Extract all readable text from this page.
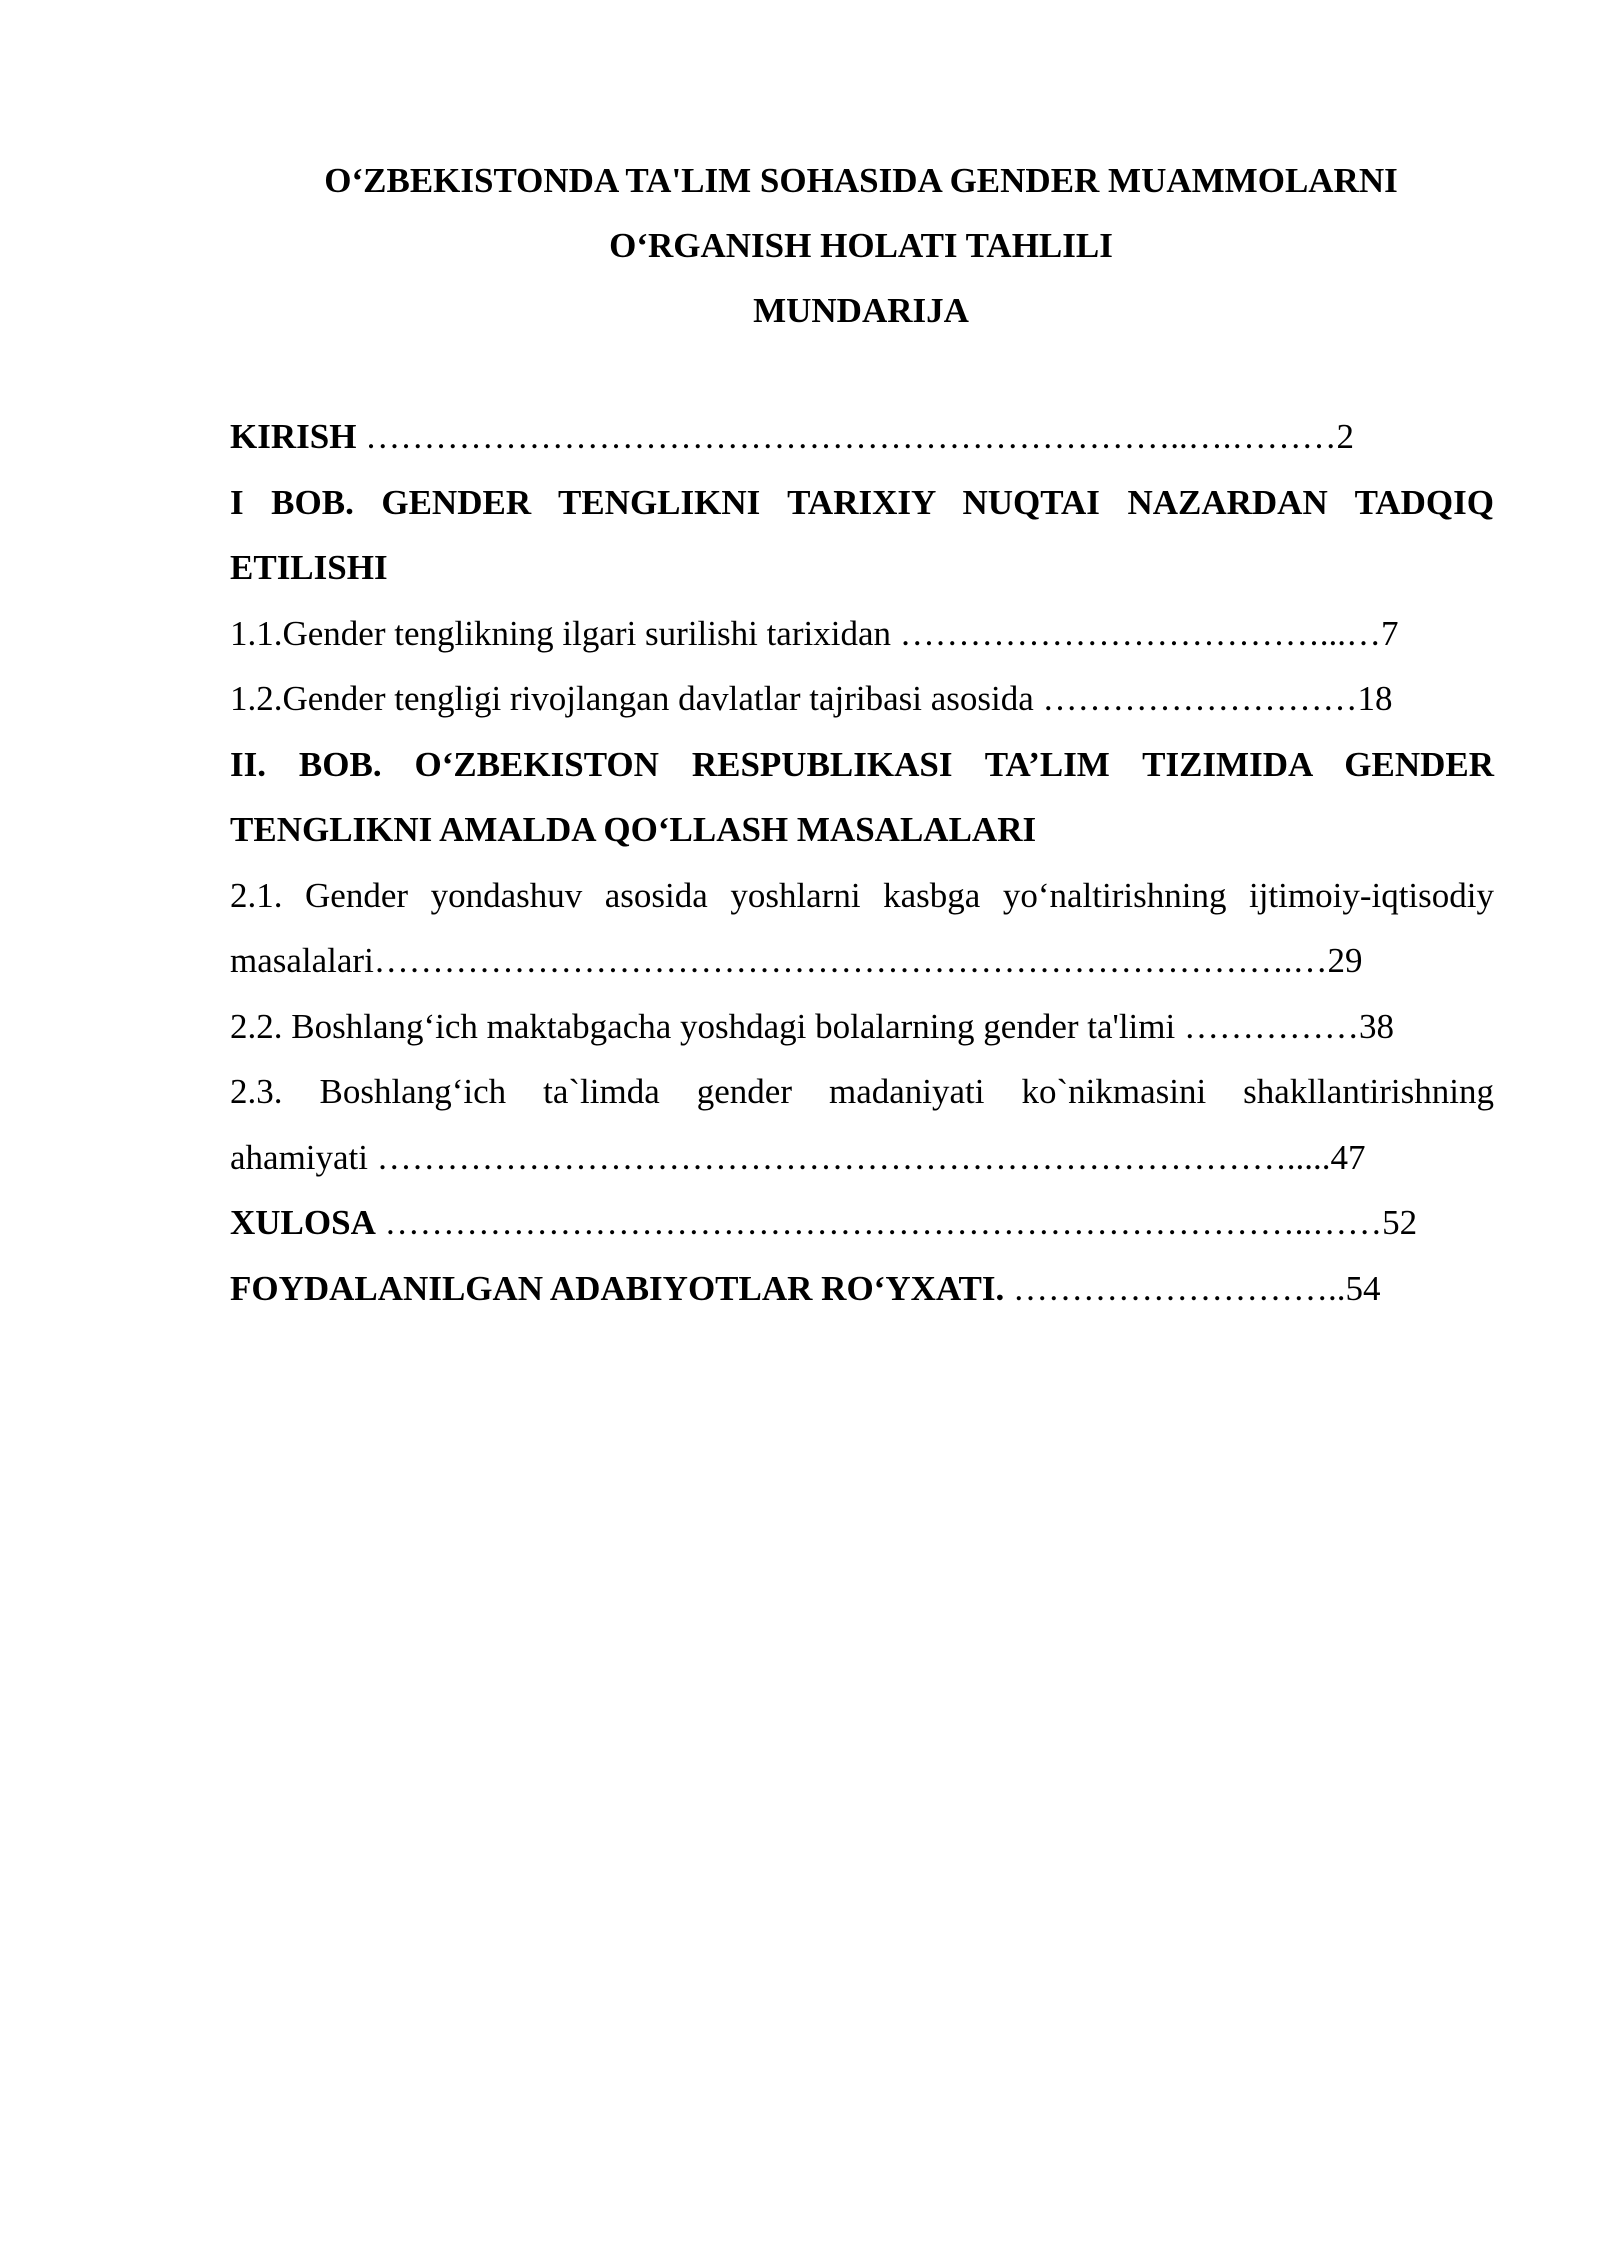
O‘ZBEKISTONDA TA'LIM SOHASIDA GENDER MUAMMOLARNI
O‘RGANISH HOLATI TAHLILI
MUNDARIJA
KIRISH ……………………………………………………………..….………2
I BOB. GENDER TENGLIKNI TARIXIY NUQTAI NAZARDAN TADQIQ
ETILISHI
1.1.Gender tenglikning ilgari surilishi tarixidan ………………………………...…7
1.2.Gender tengligi rivojlangan davlatlar tajribasi asosida ………………………18
II. BOB. O‘ZBEKISTON RESPUBLIKASI TA’LIM TIZIMIDA GENDER
TENGLIKNI AMALDA QO‘LLASH MASALALARI
2.1. Gender yondashuv asosida yoshlarni kasbga yo‘naltirishning ijtimoiy-iqtisodiy
masalalari…………………………………………………………………….…29
2.2. Boshlang‘ich maktabgacha yoshdagi bolalarning gender ta'limi ……………38
2.3. Boshlang‘ich ta`limda gender madaniyati ko`nikmasini shakllantirishning
ahamiyati …………………………………………………………………….....47
XULOSA ……………………………………………………………………..……52
FOYDALANILGAN ADABIYOTLAR RO‘YXATI. ………………………..54
